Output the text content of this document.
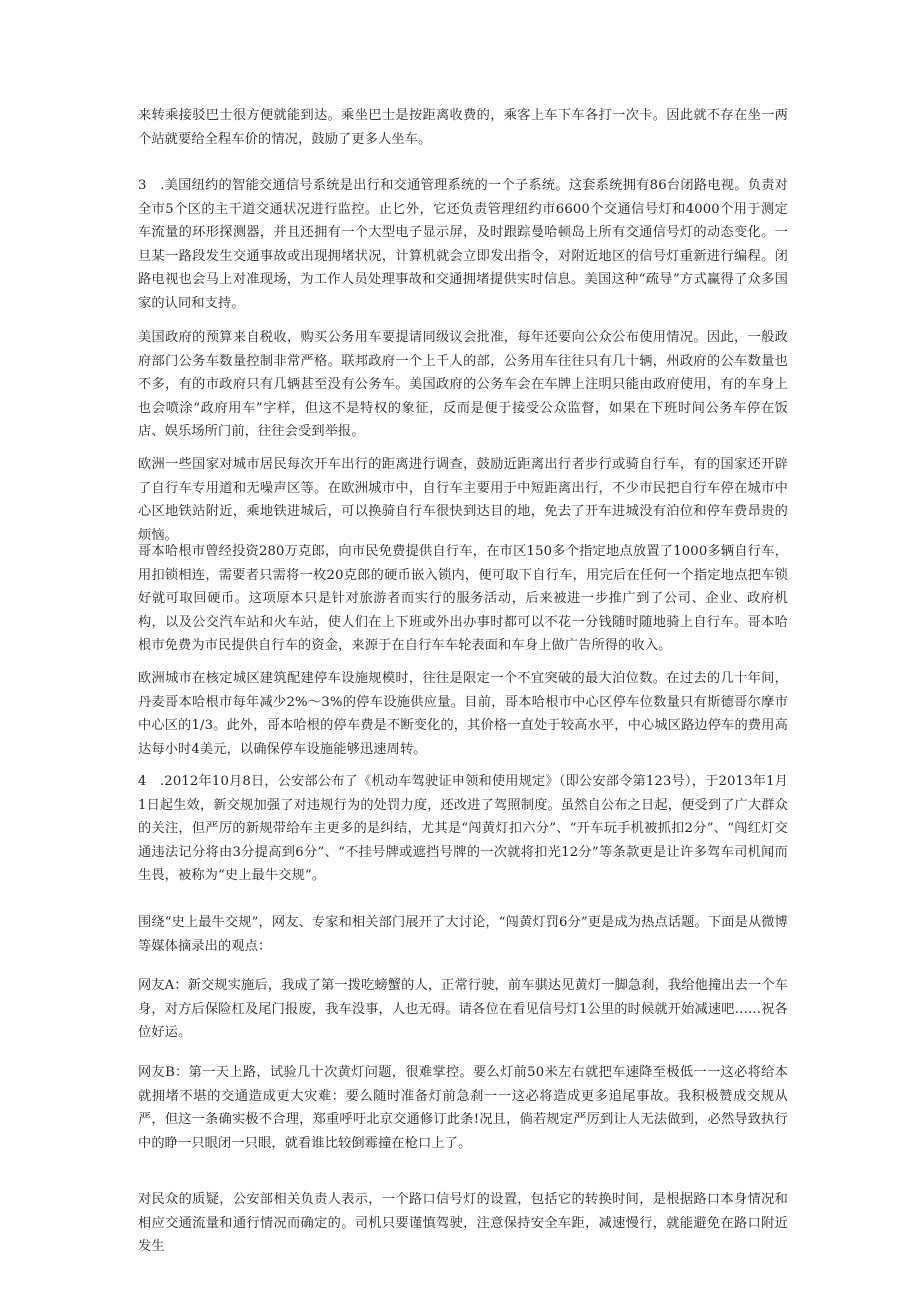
来转乘接驳巴士很方便就能到达。乘坐巴士是按距离收费的，乘客上车下车各打一次卡。因此就不存在坐一两个站就要给全程车价的情况，鼓励了更多人坐车。

3　.美国纽约的智能交通信号系统是出行和交通管理系统的一个子系统。这套系统拥有86台闭路电视。负责对全市5个区的主干道交通状况进行监控。止匕外，它还负责管理纽约市6600个交通信号灯和4000个用于测定车流量的环形探测器，并且还拥有一个大型电子显示屏，及时跟踪曼哈顿岛上所有交通信号灯的动态变化。一旦某一路段发生交通事故或出现拥堵状况，计算机就会立即发出指令，对附近地区的信号灯重新进行编程。闭路电视也会马上对准现场，为工作人员处理事故和交通拥堵提供实时信息。美国这种“疏导”方式赢得了众多国家的认同和支持。

美国政府的预算来自税收，购买公务用车要提请同级议会批准，每年还要向公众公布使用情况。因此，一般政府部门公务车数量控制非常严格。联邦政府一个上千人的部，公务用车往往只有几十辆，州政府的公车数量也不多，有的市政府只有几辆甚至没有公务车。美国政府的公务车会在车牌上注明只能由政府使用，有的车身上也会喷涂“政府用车”字样，但这不是特权的象征，反而是便于接受公众监督，如果在下班时间公务车停在饭店、娱乐场所门前，往往会受到举报。

欧洲一些国家对城市居民每次开车出行的距离进行调查，鼓励近距离出行者步行或骑自行车，有的国家还开辟了自行车专用道和无噪声区等。在欧洲城市中，自行车主要用于中短距离出行，不少市民把自行车停在城市中心区地铁站附近，乘地铁进城后，可以换骑自行车很快到达目的地，免去了开车进城没有泊位和停车费昂贵的烦恼。

哥本哈根市曾经投资280万克郎，向市民免费提供自行车，在市区150多个指定地点放置了1000多辆自行车，用扣锁相连，需要者只需将一枚20克郎的硬币嵌入锁内，便可取下自行车，用完后在任何一个指定地点把车锁好就可取回硬币。这项原本只是针对旅游者而实行的服务活动，后来被进一步推广到了公司、企业、政府机构，以及公交汽车站和火车站，使人们在上下班或外出办事时都可以不花一分钱随时随地骑上自行车。哥本哈根市免费为市民提供自行车的资金，来源于在自行车车轮表面和车身上做广告所得的收入。

欧洲城市在核定城区建筑配建停车设施规模时，往往是限定一个不宜突破的最大泊位数。在过去的几十年间，丹麦哥本哈根市每年减少2%〜3%的停车设施供应量。目前，哥本哈根市中心区停车位数量只有斯德哥尔摩市中心区的1/3。此外，哥本哈根的停车费是不断变化的，其价格一直处于较高水平，中心城区路边停车的费用高达每小时4美元，以确保停车设施能够迅速周转。

4　.2012年10月8日，公安部公布了《机动车驾驶证申领和使用规定》（即公安部令第123号），于2013年1月1日起生效，新交规加强了对违规行为的处罚力度，还改进了驾照制度。虽然自公布之日起，便受到了广大群众的关注，但严厉的新规带给车主更多的是纠结，尤其是“闯黄灯扣六分”、“开车玩手机被抓扣2分”、“闯红灯交通违法记分将由3分提高到6分”、“不挂号牌或遮挡号牌的一次就将扣光12分”等条款更是让许多驾车司机闻而生畏，被称为“史上最牛交规”。

围绕“史上最牛交规”，网友、专家和相关部门展开了大讨论，“闯黄灯罚6分”更是成为热点话题。下面是从微博等媒体摘录出的观点：

网友A：新交规实施后，我成了第一拨吃螃蟹的人，正常行驶，前车骐达见黄灯一脚急刹，我给他撞出去一个车身，对方后保险杠及尾门报废，我车没事，人也无碍。请各位在看见信号灯1公里的时候就开始减速吧……祝各位好运。

网友B：第一天上路，试验几十次黄灯问题，很难掌控。要么灯前50米左右就把车速降至极低一一这必将给本就拥堵不堪的交通造成更大灾难：要么随时准备灯前急刹一一这必将造成更多追尾事故。我积极赞成交规从严，但这一条确实极不合理，郑重呼吁北京交通修订此条!况且，倘若规定严厉到让人无法做到，必然导致执行中的睁一只眼闭一只眼，就看谁比较倒霉撞在枪口上了。

对民众的质疑，公安部相关负责人表示，一个路口信号灯的设置，包括它的转换时间，是根据路口本身情况和相应交通流量和通行情况而确定的。司机只要谨慎驾驶，注意保持安全车距，减速慢行，就能避免在路口附近发生
